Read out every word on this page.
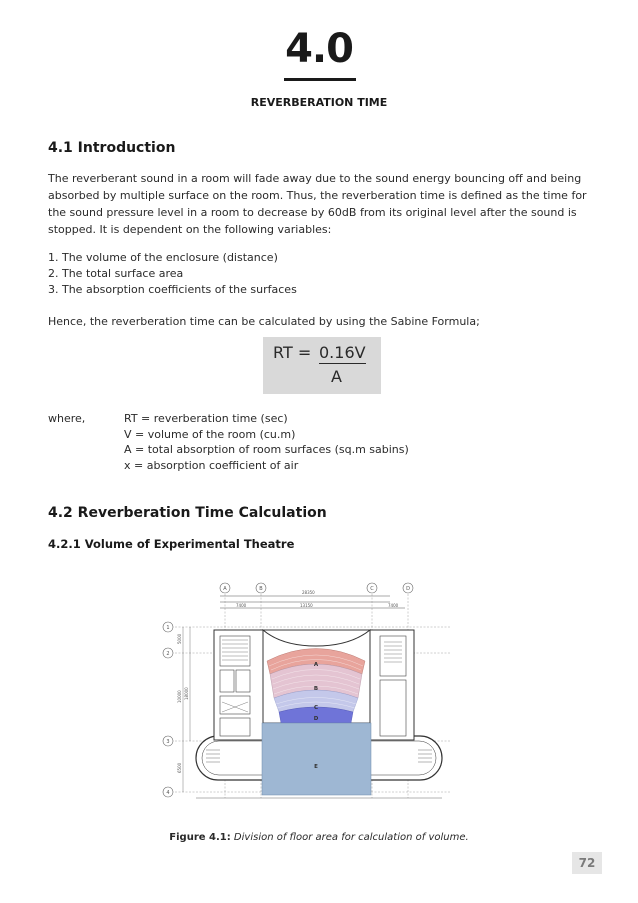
4.0
REVERBERATION TIME
4.1 Introduction
The reverberant sound in a room will fade away due to the sound energy bouncing off and being
absorbed by multiple surface on the room. Thus, the reverberation time is defined as the time for
the sound pressure level in a room to decrease by 60dB from its original level after the sound is
stopped. It is dependent on the following variables:
1. The volume of the enclosure (distance)
2. The total surface area
3. The absorption coefficients of the surfaces
Hence, the reverberation time can be calculated by using the Sabine Formula;
RT = 0.16V
A
where,	RT = reverberation time (sec)
V = volume of the room (cu.m)
A = total absorption of room surfaces (sq.m sabins)
x = absorption coefficient of air
4.2 Reverberation Time Calculation
4.2.1 Volume of Experimental Theatre
28350
7400	13150	7400
A	B	C	D
1
2
3
4
5000
10000 18000
6500
A
B
C
D
E
Figure 4.1: Division of floor area for calculation of volume.
72
